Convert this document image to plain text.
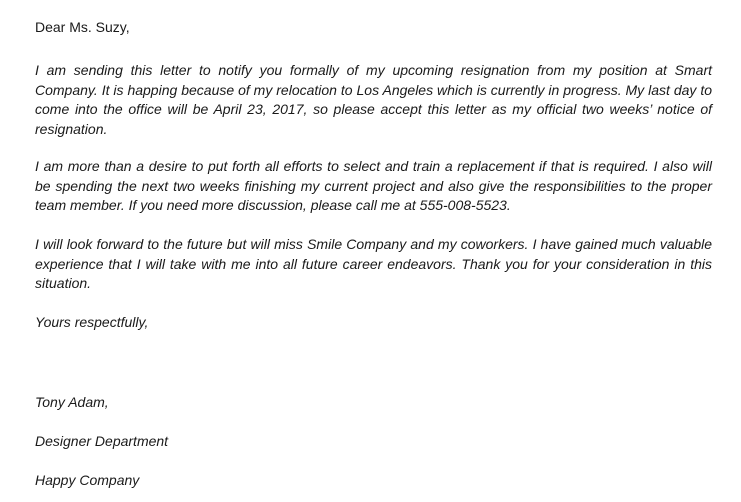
Dear Ms. Suzy,

I am sending this letter to notify you formally of my upcoming resignation from my position at Smart Company. It is happing because of my relocation to Los Angeles which is currently in progress. My last day to come into the office will be April 23, 2017, so please accept this letter as my official two weeks’ notice of resignation.

I am more than a desire to put forth all efforts to select and train a replacement if that is required. I also will be spending the next two weeks finishing my current project and also give the responsibilities to the proper team member. If you need more discussion, please call me at 555-008-5523.

I will look forward to the future but will miss Smile Company and my coworkers. I have gained much valuable experience that I will take with me into all future career endeavors. Thank you for your consideration in this situation.

Yours respectfully,
Tony Adam,
Designer Department
Happy Company
